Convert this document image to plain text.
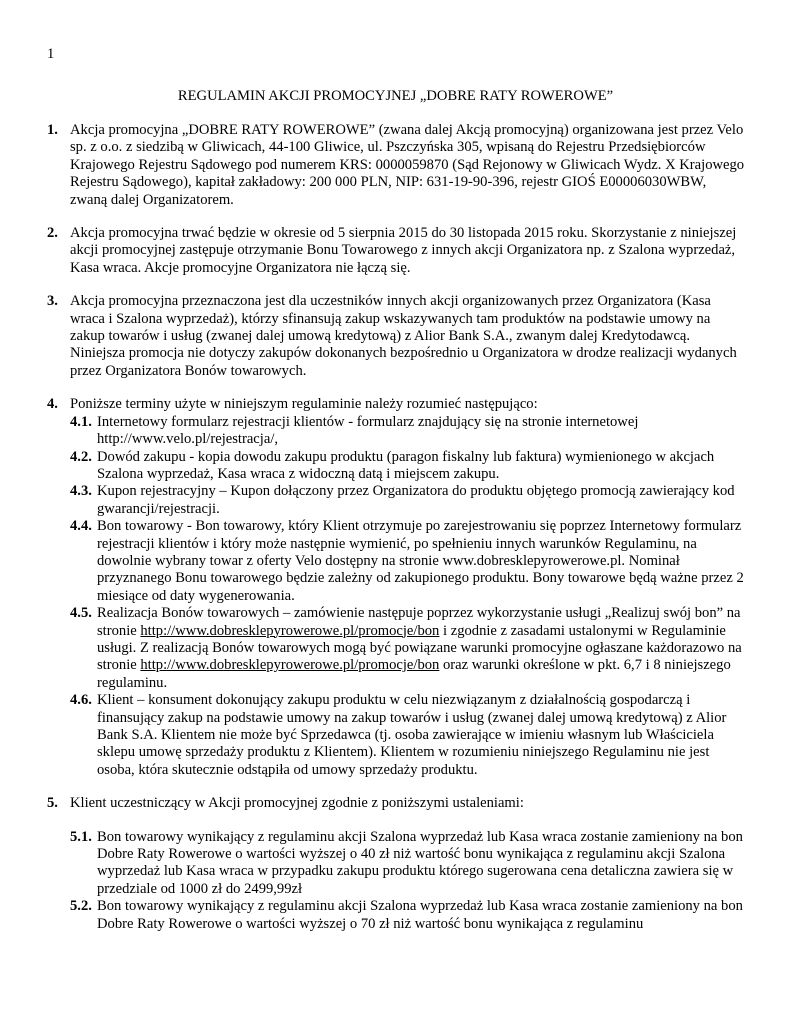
1
REGULAMIN AKCJI PROMOCYJNEJ „DOBRE RATY ROWEROWE”
1. Akcja promocyjna „DOBRE RATY ROWEROWE” (zwana dalej Akcją promocyjną) organizowana jest przez Velo sp. z o.o. z siedzibą w Gliwicach, 44-100 Gliwice, ul. Pszczyńska 305, wpisaną do Rejestru Przedsiębiorców Krajowego Rejestru Sądowego pod numerem KRS: 0000059870 (Sąd Rejonowy w Gliwicach Wydz. X Krajowego Rejestru Sądowego), kapitał zakładowy: 200 000 PLN, NIP: 631-19-90-396, rejestr GIOŚ E00006030WBW, zwaną dalej Organizatorem.
2. Akcja promocyjna trwać będzie w okresie od 5 sierpnia 2015 do 30 listopada 2015 roku. Skorzystanie z niniejszej akcji promocyjnej zastępuje otrzymanie Bonu Towarowego z innych akcji Organizatora np. z Szalona wyprzedaż, Kasa wraca. Akcje promocyjne Organizatora nie łączą się.
3. Akcja promocyjna przeznaczona jest dla uczestników innych akcji organizowanych przez Organizatora (Kasa wraca i Szalona wyprzedaż), którzy sfinansują zakup wskazywanych tam produktów na podstawie umowy na zakup towarów i usług (zwanej dalej umową kredytową) z Alior Bank S.A., zwanym dalej Kredytodawcą. Niniejsza promocja nie dotyczy zakupów dokonanych bezpośrednio u Organizatora w drodze realizacji wydanych przez Organizatora Bonów towarowych.
4. Poniższe terminy użyte w niniejszym regulaminie należy rozumieć następująco:
4.1. Internetowy formularz rejestracji klientów - formularz znajdujący się na stronie internetowej http://www.velo.pl/rejestracja/,
4.2. Dowód zakupu - kopia dowodu zakupu produktu (paragon fiskalny lub faktura) wymienionego w akcjach Szalona wyprzedaż, Kasa wraca z widoczną datą i miejscem zakupu.
4.3. Kupon rejestracyjny – Kupon dołączony przez Organizatora do produktu objętego promocją zawierający kod gwarancji/rejestracji.
4.4. Bon towarowy - Bon towarowy, który Klient otrzymuje po zarejestrowaniu się poprzez Internetowy formularz rejestracji klientów i który może następnie wymienić, po spełnieniu innych warunków Regulaminu, na dowolnie wybrany towar z oferty Velo dostępny na stronie www.dobresklepyrowerowe.pl. Nominał przyznanego Bonu towarowego będzie zależny od zakupionego produktu. Bony towarowe będą ważne przez 2 miesiące od daty wygenerowania.
4.5. Realizacja Bonów towarowych – zamówienie następuje poprzez wykorzystanie usługi „Realizuj swój bon” na stronie http://www.dobresklepyrowerowe.pl/promocje/bon i zgodnie z zasadami ustalonymi w Regulaminie usługi. Z realizacją Bonów towarowych mogą być powiązane warunki promocyjne ogłaszane każdorazowo na stronie http://www.dobresklepyrowerowe.pl/promocje/bon oraz warunki określone w pkt. 6,7 i 8 niniejszego regulaminu.
4.6. Klient – konsument dokonujący zakupu produktu w celu niezwiązanym z działalnością gospodarczą i finansujący zakup na podstawie umowy na zakup towarów i usług (zwanej dalej umową kredytową) z Alior Bank S.A. Klientem nie może być Sprzedawca (tj. osoba zawierające w imieniu własnym lub Właściciela sklepu umowę sprzedaży produktu z Klientem). Klientem w rozumieniu niniejszego Regulaminu nie jest osoba, która skutecznie odstąpiła od umowy sprzedaży produktu.
5. Klient uczestniczący w Akcji promocyjnej zgodnie z poniższymi ustaleniami:
5.1. Bon towarowy wynikający z regulaminu akcji Szalona wyprzedaż lub Kasa wraca zostanie zamieniony na bon Dobre Raty Rowerowe o wartości wyższej o 40 zł niż wartość bonu wynikająca z regulaminu akcji Szalona wyprzedaż lub Kasa wraca w przypadku zakupu produktu którego sugerowana cena detaliczna zawiera się w przedziale od 1000 zł do 2499,99zł
5.2. Bon towarowy wynikający z regulaminu akcji Szalona wyprzedaż lub Kasa wraca zostanie zamieniony na bon Dobre Raty Rowerowe o wartości wyższej o 70 zł niż wartość bonu wynikająca z regulaminu
